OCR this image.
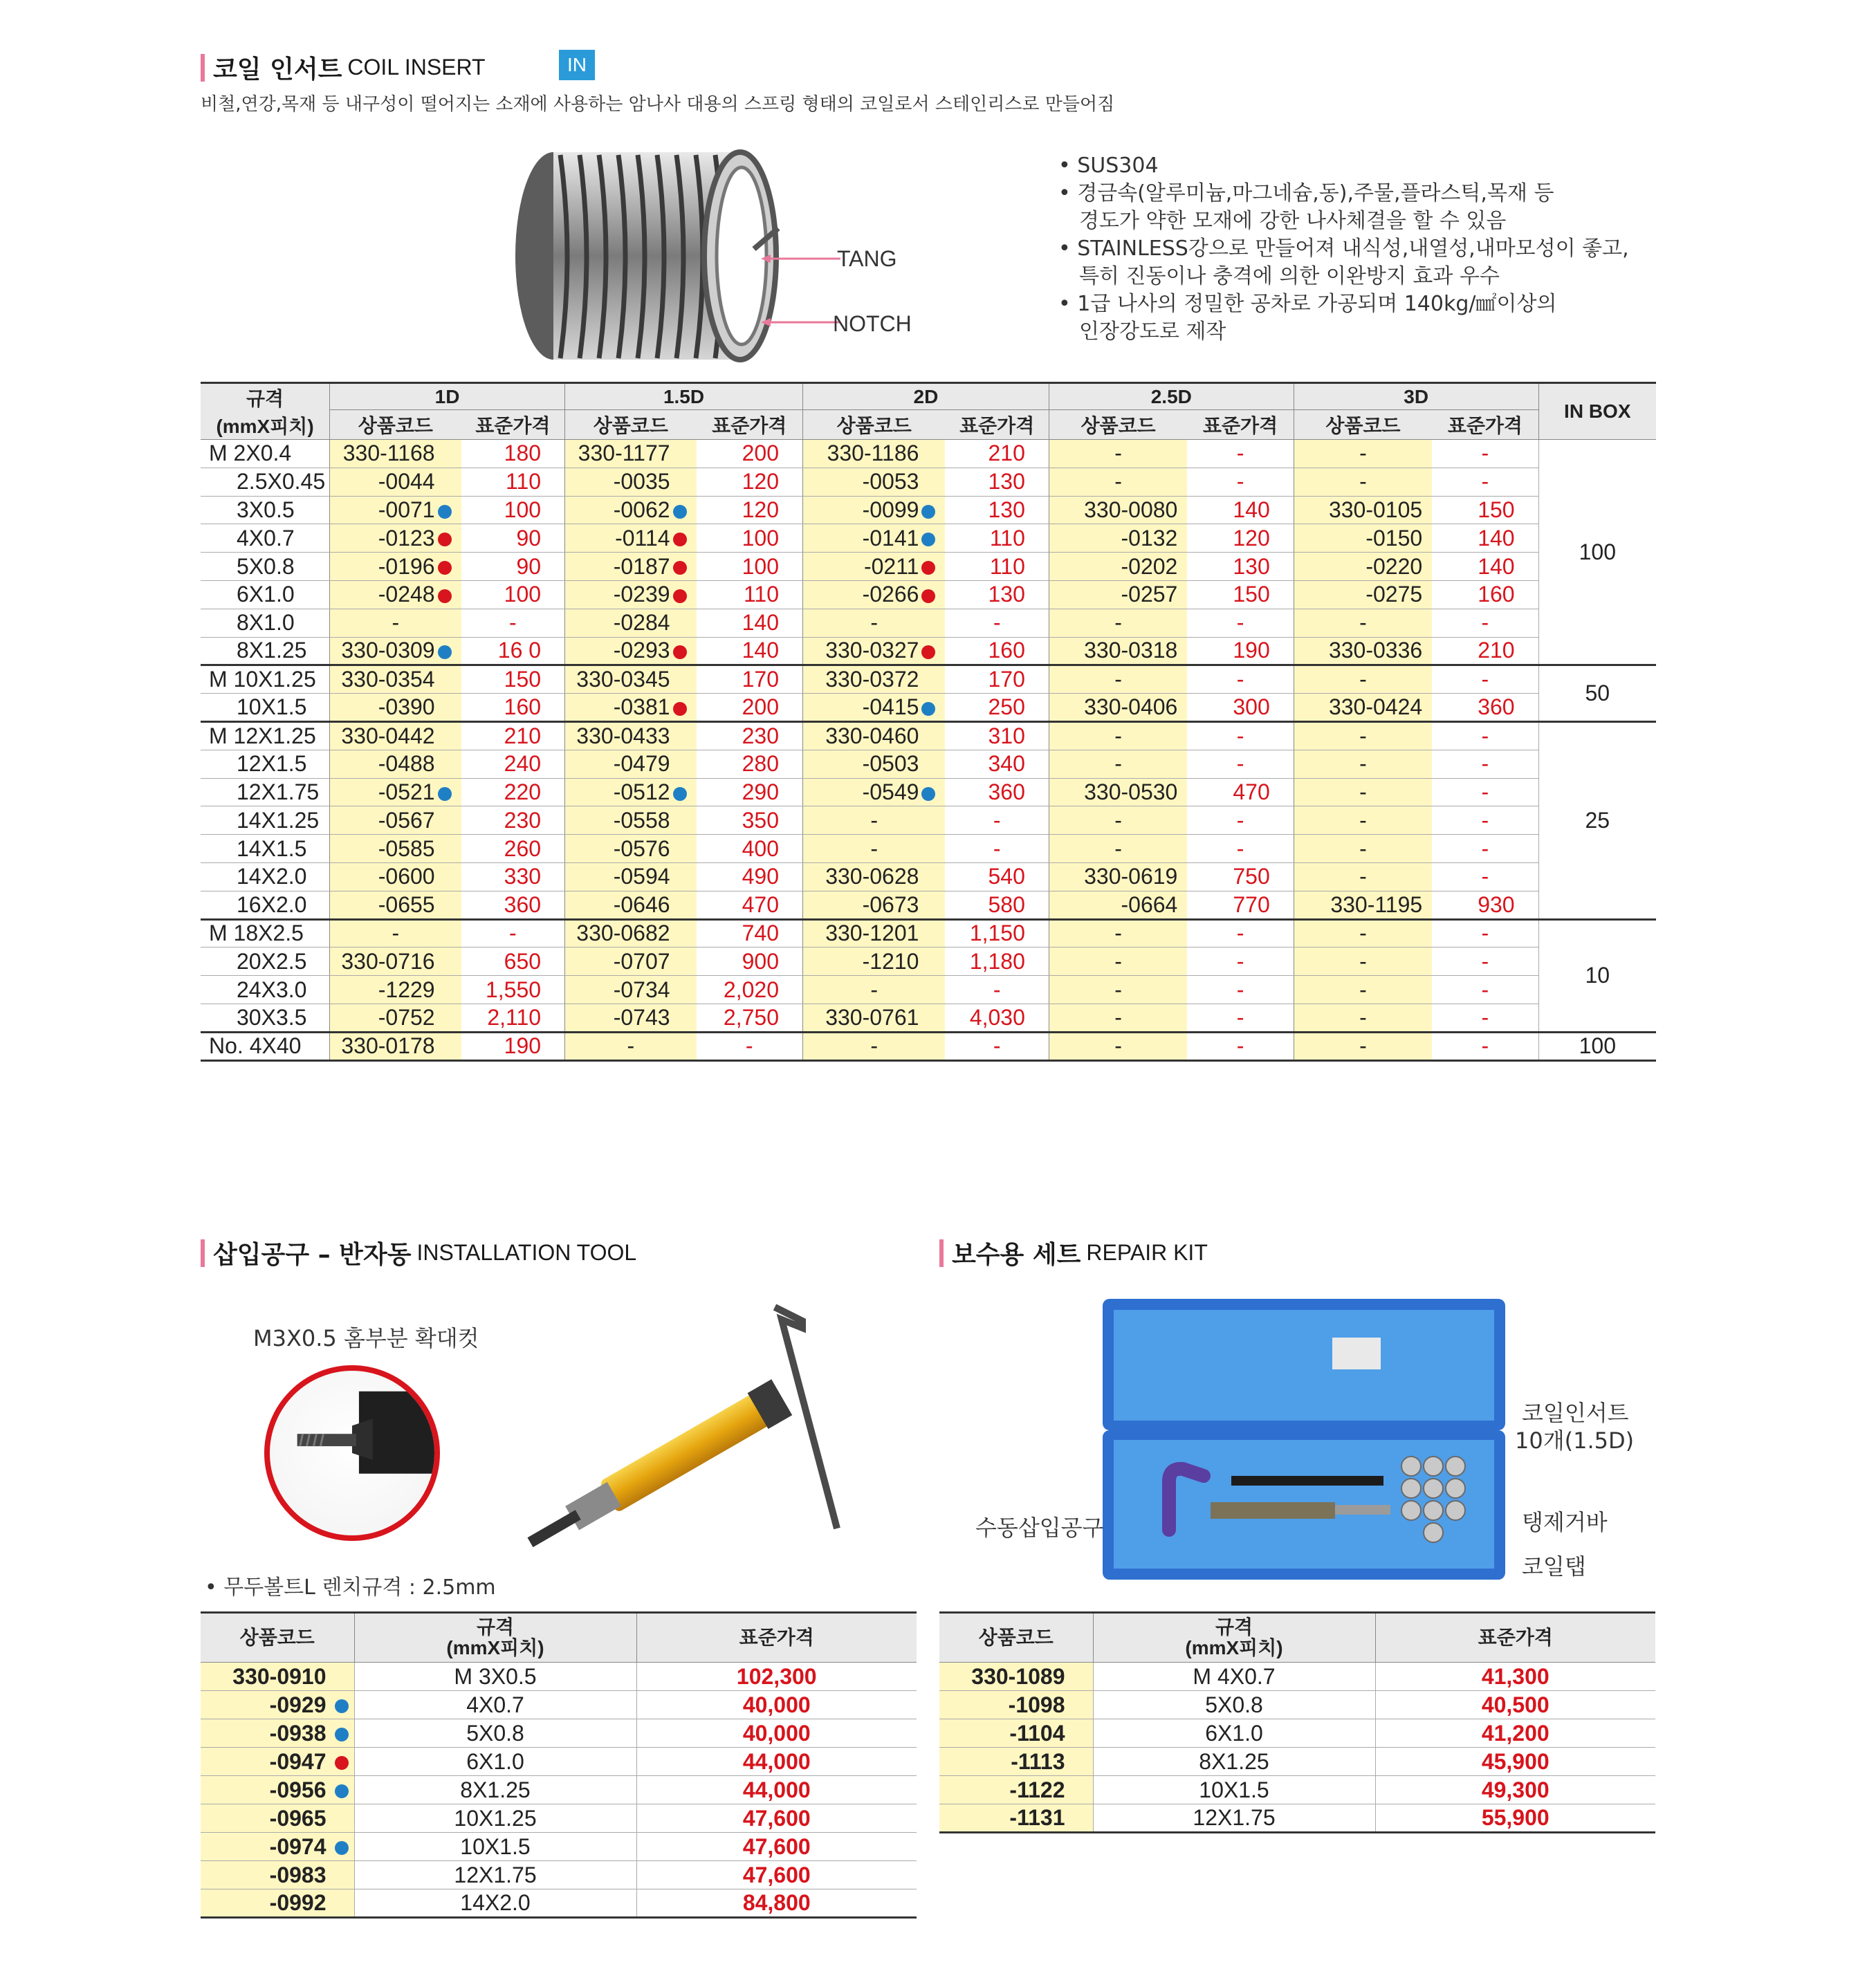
코일 인서트 COIL INSERT	IN
비철,연강,목재 등 내구성이 떨어지는 소재에 사용하는 암나사 대용의 스프링 형태의 코일로서 스테인리스로 만들어짐
TANG
NOTCH
• SUS304
• 경금속(알루미늄,마그네슘,동),주물,플라스틱,목재 등
경도가 약한 모재에 강한 나사체결을 할 수 있음
• STAINLESS강으로 만들어져 내식성,내열성,내마모성이 좋고,
특히 진동이나 충격에 의한 이완방지 효과 우수
• 1급 나사의 정밀한 공차로 가공되며 140kg/㎟이상의
인장강도로 제작
규격
(mmX피치)	1D		1.5D		2D		2.5D		3D		IN BOX
	상품코드	표준가격	상품코드	표준가격	상품코드	표준가격	상품코드	표준가격	상품코드	표준가격	
M 2X0.4	330-1168	180	330-1177	200	330-1186	210	-	-	-	-	100
2.5X0.45	-0044	110	-0035	120	-0053	130	-	-	-	-	
3X0.5	-0071	100	-0062	120	-0099	130	330-0080	140	330-0105	150	
4X0.7	-0123	90	-0114	100	-0141	110	-0132	120	-0150	140	
5X0.8	-0196	90	-0187	100	-0211	110	-0202	130	-0220	140	
6X1.0	-0248	100	-0239	110	-0266	130	-0257	150	-0275	160	
8X1.0	-	-	-0284	140	-	-	-	-	-	-	
8X1.25	330-0309	16 0	-0293	140	330-0327	160	330-0318	190	330-0336	210	
M 10X1.25	330-0354	150	330-0345	170	330-0372	170	-	-	-	-	50
10X1.5	-0390	160	-0381	200	-0415	250	330-0406	300	330-0424	360	
M 12X1.25	330-0442	210	330-0433	230	330-0460	310	-	-	-	-	25
12X1.5	-0488	240	-0479	280	-0503	340	-	-	-	-	
12X1.75	-0521	220	-0512	290	-0549	360	330-0530	470	-	-	
14X1.25	-0567	230	-0558	350	-	-	-	-	-	-	
14X1.5	-0585	260	-0576	400	-	-	-	-	-	-	
14X2.0	-0600	330	-0594	490	330-0628	540	330-0619	750	-	-	
16X2.0	-0655	360	-0646	470	-0673	580	-0664	770	330-1195	930	
M 18X2.5	-	-	330-0682	740	330-1201	1,150	-	-	-	-	10
20X2.5	330-0716	650	-0707	900	-1210	1,180	-	-	-	-	
24X3.0	-1229	1,550	-0734	2,020	-	-	-	-	-	-	
30X3.5	-0752	2,110	-0743	2,750	330-0761	4,030	-	-	-	-	
No. 4X40	330-0178	190	-	-	-	-	-	-	-	-	100
삽입공구 – 반자동 INSTALLATION TOOL
M3X0.5 홈부분 확대컷
• 무두볼트L 렌치규격 : 2.5mm
상품코드	규격
(mmX피치)	표준가격
330-0910	M 3X0.5	102,300
-0929	4X0.7	40,000
-0938	5X0.8	40,000
-0947	6X1.0	44,000
-0956	8X1.25	44,000
-0965	10X1.25	47,600
-0974	10X1.5	47,600
-0983	12X1.75	47,600
-0992	14X2.0	84,800
보수용 세트 REPAIR KIT
코일인서트
10개(1.5D)
수동삽입공구	탱제거바
코일탭
상품코드	규격
(mmX피치)	표준가격
330-1089	M 4X0.7	41,300
-1098	5X0.8	40,500
-1104	6X1.0	41,200
-1113	8X1.25	45,900
-1122	10X1.5	49,300
-1131	12X1.75	55,900
